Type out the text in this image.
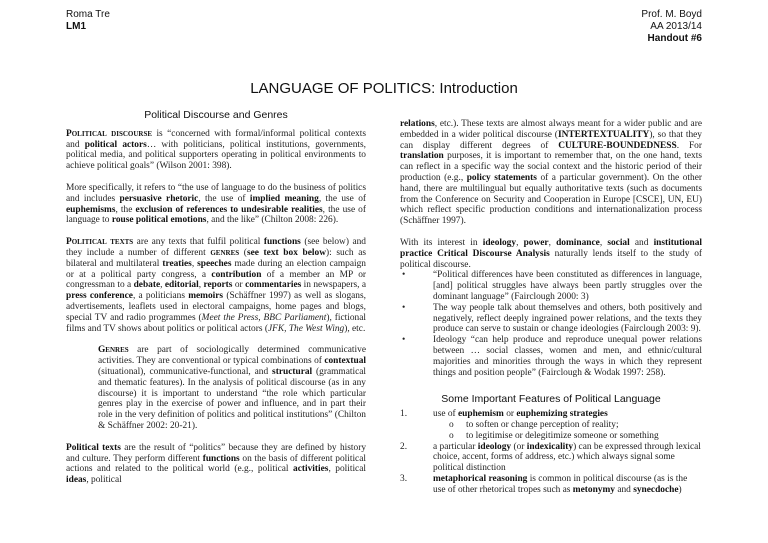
Roma Tre
LM1
Prof. M. Boyd
AA 2013/14
Handout #6
LANGUAGE OF POLITICS: Introduction
Political Discourse and Genres
Political discourse is “concerned with formal/informal political contexts and political actors… with politicians, political institutions, governments, political media, and political supporters operating in political environments to achieve political goals” (Wilson 2001: 398).
More specifically, it refers to “the use of language to do the business of politics and includes persuasive rhetoric, the use of implied meaning, the use of euphemisms, the exclusion of references to undesirable realities, the use of language to rouse political emotions, and the like” (Chilton 2008: 226).
Political texts are any texts that fulfil political functions (see below) and they include a number of different genres (see text box below): such as bilateral and multilateral treaties, speeches made during an election campaign or at a political party congress, a contribution of a member an MP or congressman to a debate, editorial, reports or commentaries in newspapers, a press conference, a politicians memoirs (Schäffner 1997) as well as slogans, advertisements, leaflets used in electoral campaigns, home pages and blogs, special TV and radio programmes (Meet the Press, BBC Parliament), fictional films and TV shows about politics or political actors (JFK, The West Wing), etc.
Genres are part of sociologically determined communicative activities. They are conventional or typical combinations of contextual (situational), communicative-functional, and structural (grammatical and thematic features). In the analysis of political discourse (as in any discourse) it is important to understand “the role which particular genres play in the exercise of power and influence, and in part their role in the very definition of politics and political institutions” (Chilton & Schäffner 2002: 20-21).
Political texts are the result of “politics” because they are defined by history and culture. They perform different functions on the basis of different political actions and related to the political world (e.g., political activities, political ideas, political
relations, etc.). These texts are almost always meant for a wider public and are embedded in a wider political discourse (INTERTEXTUALITY), so that they can display different degrees of CULTURE-BOUNDEDNESS. For translation purposes, it is important to remember that, on the one hand, texts can reflect in a specific way the social context and the historic period of their production (e.g., policy statements of a particular government). On the other hand, there are multilingual but equally authoritative texts (such as documents from the Conference on Security and Cooperation in Europe [CSCE], UN, EU) which reflect specific production conditions and internationalization process (Schäffner 1997).
With its interest in ideology, power, dominance, social and institutional practice Critical Discourse Analysis naturally lends itself to the study of political discourse.
• “Political differences have been constituted as differences in language, [and] political struggles have always been partly struggles over the dominant language” (Fairclough 2000: 3)
• The way people talk about themselves and others, both positively and negatively, reflect deeply ingrained power relations, and the texts they produce can serve to sustain or change ideologies (Fairclough 2003: 9).
• Ideology “can help produce and reproduce unequal power relations between … social classes, women and men, and ethnic/cultural majorities and minorities through the ways in which they represent things and position people” (Fairclough & Wodak 1997: 258).
Some Important Features of Political Language
1.	use of euphemism or euphemizing strategies
o to soften or change perception of reality;
o to legitimise or delegitimize someone or something
2.	a particular ideology (or indexicality) can be expressed through lexical choice, accent, forms of address, etc.) which always signal some political distinction
3.	metaphorical reasoning is common in political discourse (as is the use of other rhetorical tropes such as metonymy and synecdoche)
